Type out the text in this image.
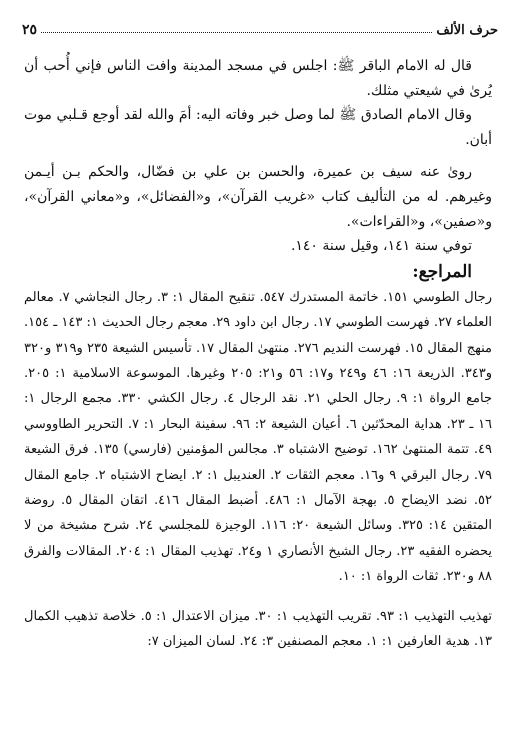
حرف الألف
٢٥

قال له الامام الباقر ﷺ: اجلس في مسجد المدينة وافت الناس فإني أُحب أن يُرىٰ في شيعتي مثلك.

وقال الامام الصادق ﷺ لما وصل خبر وفاته اليه: أمَ والله لقد أوجع قـلبي موت أبان.

روىٰ عنه سيف بن عميرة، والحسن بن علي بن فضّال، والحكم بـن أيـمن وغيرهم. له من التأليف كتاب «غريب القرآن»، و«الفضائل»، و«معاني القرآن»، و«صفين»، و«القراءات».

توفي سنة ١٤١، وقيل سنة ١٤٠.

المراجع:

رجال الطوسي ١٥١. خاتمة المستدرك ٥٤٧. تنقيح المقال ١: ٣. رجال النجاشي ٧. معالم العلماء ٢٧. فهرست الطوسي ١٧. رجال ابن داود ٢٩. معجم رجال الحديث ١: ١٤٣ ـ ١٥٤. منهج المقال ١٥. فهرست النديم ٢٧٦. منتهىٰ المقال ١٧. تأسيس الشيعة ٢٣٥ و٣١٩ و٣٢٠ و٣٤٣. الذريعة ١٦: ٤٦ و٢٤٩ و١٧: ٥٦ و٢١: ٢٠٥ وغيرها. الموسوعة الاسلامية ١: ٢٠٥. جامع الرواة ١: ٩. رجال الحلي ٢١. نقد الرجال ٤. رجال الكشي ٣٣٠. مجمع الرجال ١: ١٦ ـ ٢٣. هداية المحدّثين ٦. أعيان الشيعة ٢: ٩٦. سفينة البحار ١: ٧. التحرير الطاووسي ٤٩. تتمة المنتهىٰ ١٦٢. توضيح الاشتباه ٣. مجالس المؤمنين (فارسي) ١٣٥. فرق الشيعة ٧٩. رجال البرقي ٩ و١٦. معجم الثقات ٢. العنديبل ١: ٢. ايضاح الاشتباه ٢. جامع المقال ٥٢. نضد الايضاح ٥. بهجة الآمال ١: ٤٨٦. أضبط المقال ٤١٦. اتقان المقال ٥. روضة المتقين ١٤: ٣٢٥. وسائل الشيعة ٢٠: ١١٦. الوجيزة للمجلسي ٢٤. شرح مشيخة من لا يحضره الفقيه ٢٣. رجال الشيخ الأنصاري ١ و٢٤. تهذيب المقال ١: ٢٠٤. المقالات والفرق ٨٨ و٢٣٠. ثقات الرواة ١: ١٠.

تهذيب التهذيب ١: ٩٣. تقريب التهذيب ١: ٣٠. ميزان الاعتدال ١: ٥. خلاصة تذهيب الكمال ١٣. هدية العارفين ١: ١. معجم المصنفين ٣: ٢٤. لسان الميزان ٧:
